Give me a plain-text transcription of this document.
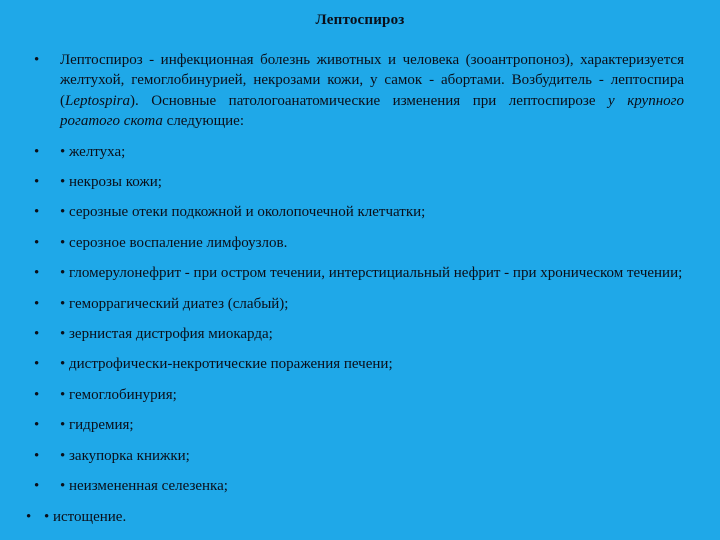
Лептоспироз
•	Лептоспироз - инфекционная болезнь животных и человека (зооантропоноз), характеризуется желтухой, гемоглобинурией, некрозами кожи, у самок - абортами. Возбудитель - лептоспира (Leptospira). Основные патологоанатомические изменения при лептоспирозе у крупного рогатого скота следующие:
•	• желтуха;
•	• некрозы кожи;
•	• серозные отеки подкожной и околопочечной клетчатки;
•	• серозное воспаление лимфоузлов.
•	• гломерулонефрит - при остром течении, интерстициальный нефрит - при хроническом течении;
•	• геморрагический диатез (слабый);
•	• зернистая дистрофия миокарда;
•	• дистрофически-некротические поражения печени;
•	• гемоглобинурия;
•	• гидремия;
•	• закупорка книжки;
•	• неизмененная селезенка;
• • истощение.
